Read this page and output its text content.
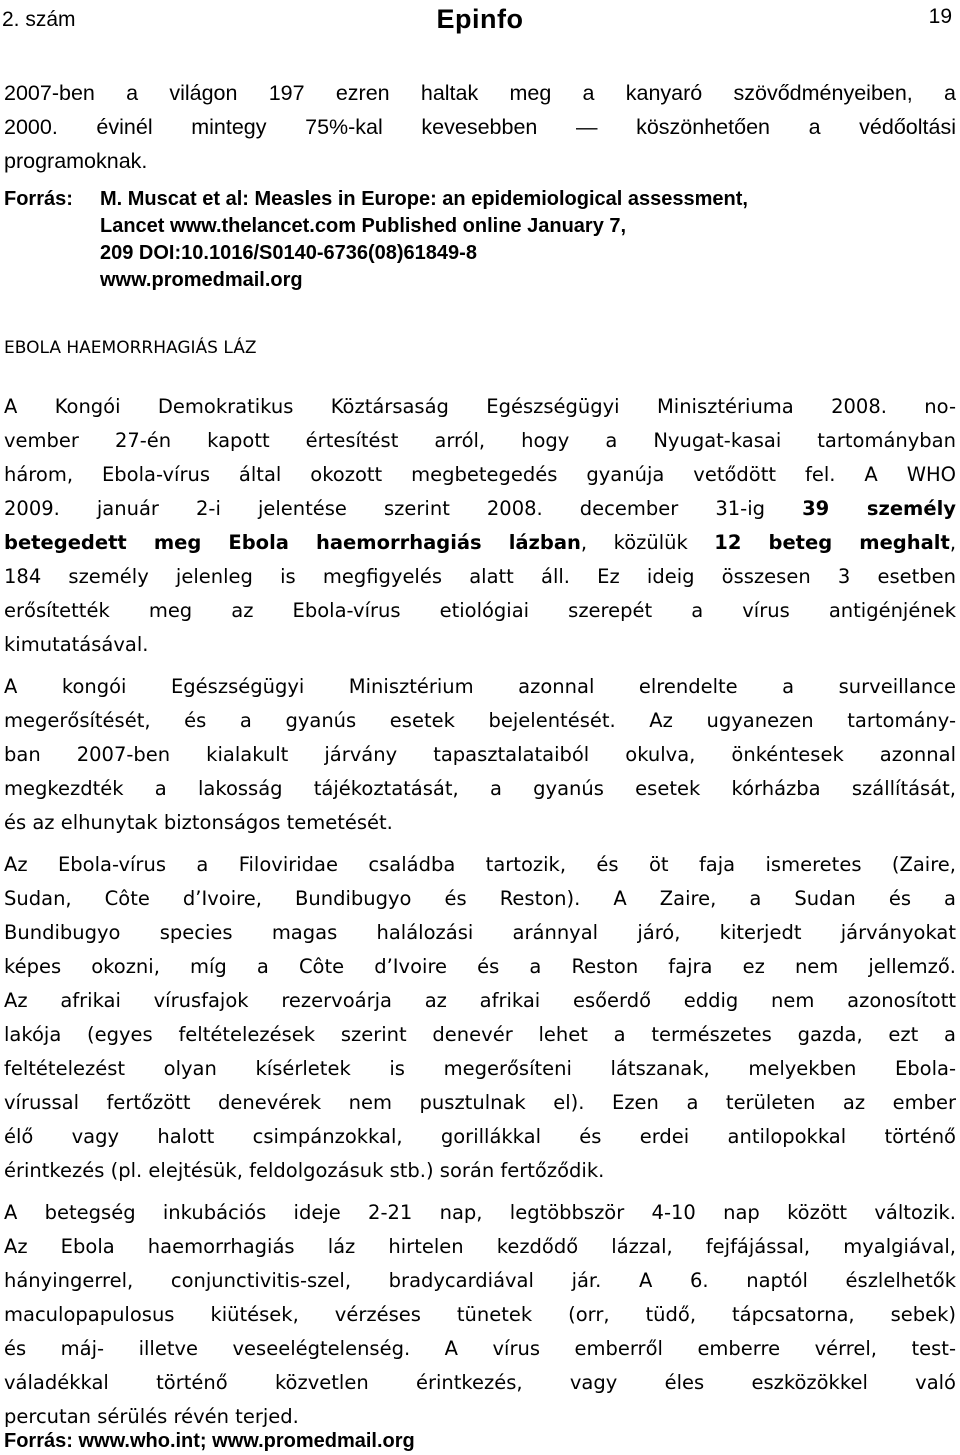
2. szám	Epinfo	19
2007-ben a világon 197 ezren haltak meg a kanyaró szövődményeiben, a
2000. évinél mintegy 75%-kal kevesebben — köszönhetően a védőoltási
programoknak.
Forrás: M. Muscat et al: Measles in Europe: an epidemiological assessment,
Lancet www.thelancet.com Published online January 7,
209 DOI:10.1016/S0140-6736(08)61849-8
www.promedmail.org
EBOLA HAEMORRHAGIÁS LÁZ
A Kongói Demokratikus Köztársaság Egészségügyi Minisztériuma 2008. no-
vember 27-én kapott értesítést arról, hogy a Nyugat-kasai tartományban
három, Ebola-vírus által okozott megbetegedés gyanúja vetődött fel. A WHO
2009. január 2-i jelentése szerint 2008. december 31-ig 39 személy
betegedett meg Ebola haemorrhagiás lázban, közülük 12 beteg meghalt,
184 személy jelenleg is megfigyelés alatt áll. Ez ideig összesen 3 esetben
erősítették meg az Ebola-vírus etiológiai szerepét a vírus antigénjének
kimutatásával.
A kongói Egészségügyi Minisztérium azonnal elrendelte a surveillance
megerősítését, és a gyanús esetek bejelentését. Az ugyanezen tartomány-
ban 2007-ben kialakult járvány tapasztalataiból okulva, önkéntesek azonnal
megkezdték a lakosság tájékoztatását, a gyanús esetek kórházba szállítását,
és az elhunytak biztonságos temetését.
Az Ebola-vírus a Filoviridae családba tartozik, és öt faja ismeretes (Zaire,
Sudan, Côte d’Ivoire, Bundibugyo és Reston). A Zaire, a Sudan és a
Bundibugyo species magas halálozási aránnyal járó, kiterjedt járványokat
képes okozni, míg a Côte d’Ivoire és a Reston fajra ez nem jellemző.
Az afrikai vírusfajok rezervoárja az afrikai esőerdő eddig nem azonosított
lakója (egyes feltételezések szerint denevér lehet a természetes gazda, ezt a
feltételezést olyan kísérletek is megerősíteni látszanak, melyekben Ebola-
vírussal fertőzött denevérek nem pusztulnak el). Ezen a területen az ember
élő vagy halott csimpánzokkal, gorillákkal és erdei antilopokkal történő
érintkezés (pl. elejtésük, feldolgozásuk stb.) során fertőződik.
A betegség inkubációs ideje 2-21 nap, legtöbbször 4-10 nap között változik.
Az Ebola haemorrhagiás láz hirtelen kezdődő lázzal, fejfájással, myalgiával,
hányingerrel, conjunctivitis-szel, bradycardiával jár. A 6. naptól észlelhetők
maculopapulosus kiütések, vérzéses tünetek (orr, tüdő, tápcsatorna, sebek)
és máj- illetve veseelégtelenség. A vírus emberről emberre vérrel, test-
váladékkal történő közvetlen érintkezés, vagy éles eszközökkel való
percutan sérülés révén terjed.
Forrás: www.who.int; www.promedmail.org
